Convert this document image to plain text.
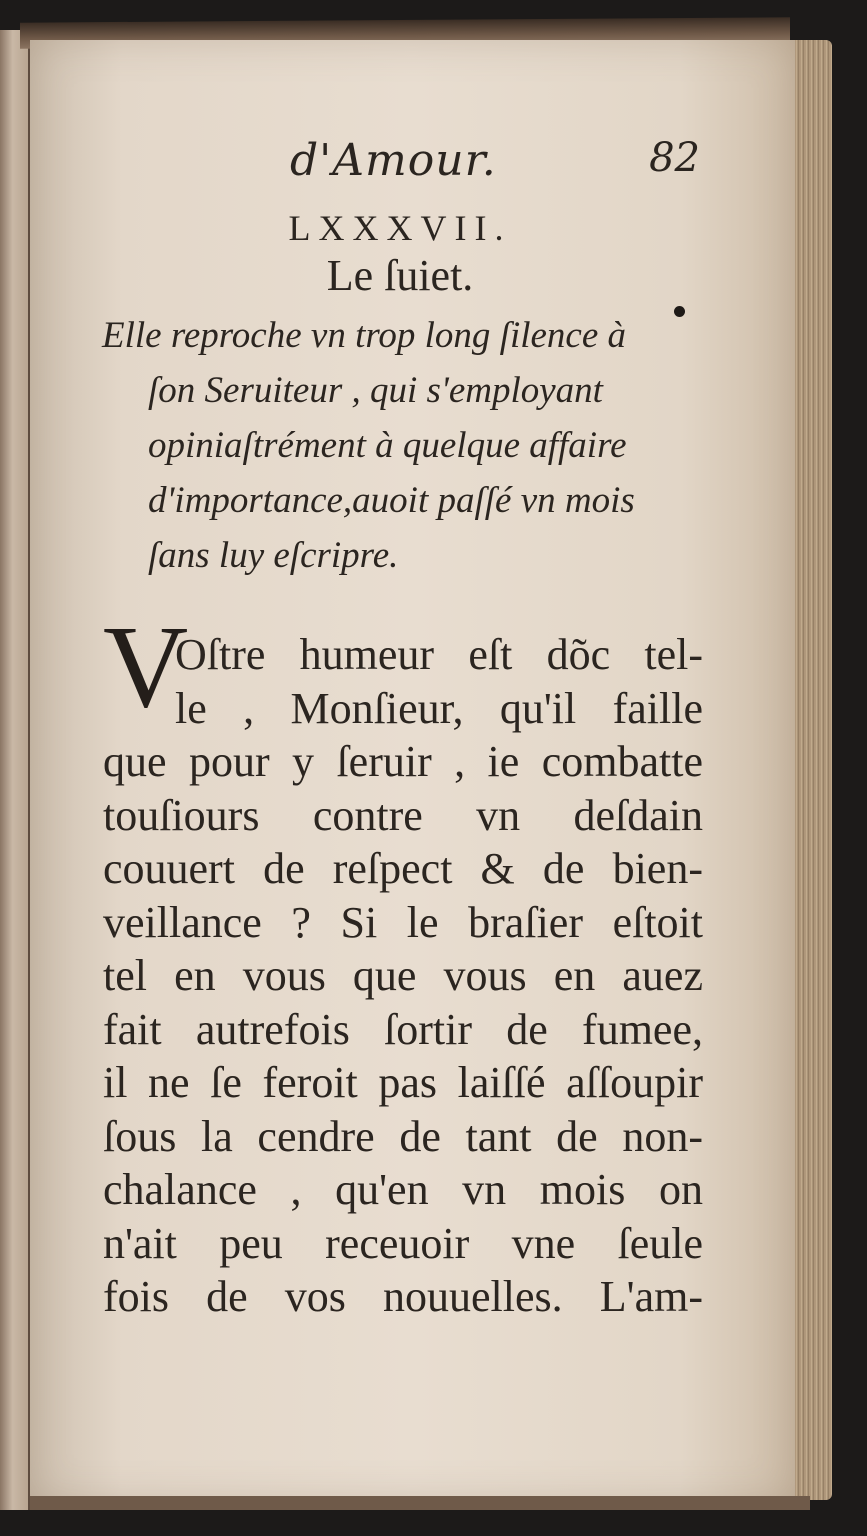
d'Amour.	82
LXXXVII.
Le ſuiet.
Elle reproche vn trop long ſilence à
ſon Seruiteur , qui s'employant
opiniaſtrément à quelque affaire
d'importance,auoit paſſé vn mois
ſans luy eſcripre.
V
Oſtre humeur eſt dõc tel-
le , Monſieur, qu'il faille
que pour y ſeruir , ie combatte
touſiours contre vn deſdain
couuert de reſpect & de bien-
veillance ? Si le braſier eſtoit
tel en vous que vous en auez
fait autrefois ſortir de fumee,
il ne ſe feroit pas laiſſé aſſoupir
ſous la cendre de tant de non-
chalance , qu'en vn mois on
n'ait peu receuoir vne ſeule
fois de vos nouuelles. L'am-
